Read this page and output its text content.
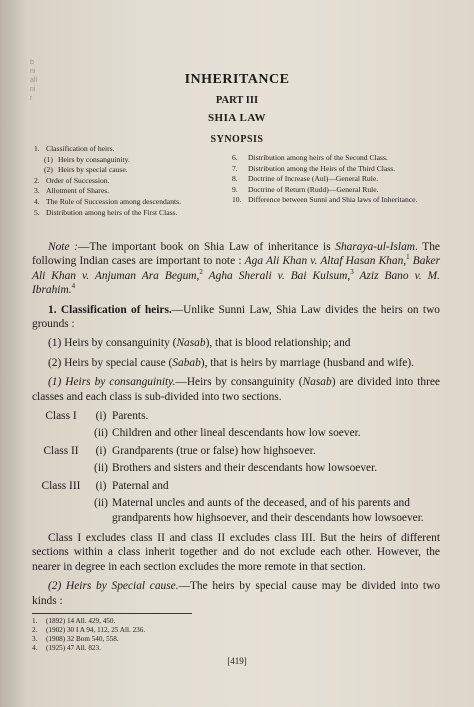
b
ni
all
ni
r
INHERITANCE
PART III
SHIA LAW
SYNOPSIS
1. Classification of heirs.
(1) Heirs by consanguinity.
(2) Heirs by special cause.
2. Order of Succession.
3. Allotment of Shares.
4. The Rule of Succession among descendants.
5. Distribution among heirs of the First Class.
6.	Distribution among heirs of the Second Class.
7.	Distribution among the Heirs of the Third Class.
8.	Doctrine of Increase (Aul)—General Rule.
9.	Doctrine of Return (Rudd)—General Rule.
10. Difference between Sunni and Shia laws of Inheritance.

Note :—The important book on Shia Law of inheritance is Sharaya-ul-Islam. The following Indian cases are important to note : Aga Ali Khan v. Altaf Hasan Khan,$^1$ Baker Ali Khan v. Anjuman Ara Begum,$^2$ Agha Sherali v. Bai Kulsum,$^3$ Aziz Bano v. M. Ibrahim.$^4$

1. Classification of heirs.—Unlike Sunni Law, Shia Law divides the heirs on two grounds :

(1) Heirs by consanguinity (Nasab), that is blood relationship; and

(2) Heirs by special cause (Sabab), that is heirs by marriage (husband and wife).

(1) Heirs by consanguinity.—Heirs by consanguinity (Nasab) are divided into three classes and each class is sub-divided into two sections.

Class I	(i) Parents.
(ii) Children and other lineal descendants how low soever.
Class II	(i) Grandparents (true or false) how highsoever.
(ii) Brothers and sisters and their descendants how lowsoever.
Class III	(i) Paternal and
(ii) Maternal uncles and aunts of the deceased, and of his parents and grandparents how highsoever, and their descendants how lowsoever.

Class I excludes class II and class II excludes class III. But the heirs of different sections within a class inherit together and do not exclude each other. However, the nearer in degree in each section excludes the more remote in that section.

(2) Heirs by Special cause.—The heirs by special cause may be divided into two kinds :

1.	(1892) 14 All. 429, 450.
2.	(1902) 30 I A 94, 112, 25 All. 236.
3.	(1908) 32 Bom 540, 558.
4.	(1925) 47 All. 823.
[419]
